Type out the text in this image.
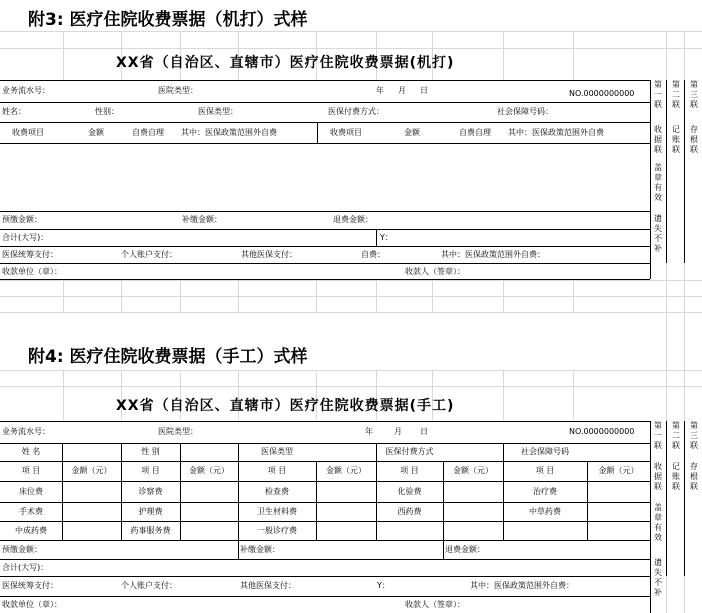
附3: 医疗住院收费票据（机打）式样
XX省（自治区、直辖市）医疗住院收费票据(机打)
业务流水号：	医院类型：	年 月 日	NO.0000000000
姓名：	性别：	医保类型：	医保付费方式：	社会保障号码：
收费项目	金额	自费自理 其中：医保政策范围外自费	收费项目	金额	自费自理 其中：医保政策范围外自费
预缴金额：	补缴金额：	退费金额：
合计(大写)：	Y：
医保统筹支付：	个人账户支付：	其他医保支付：	自费：	其中：医保政策范围外自费：
收款单位（章）：	收款人（签章）：
第一联
收据联
盖章有效
遗失不补
第二联
记账联
第三联
存根联
附4: 医疗住院收费票据（手工）式样
XX省（自治区、直辖市）医疗住院收费票据(手工)
业务流水号：	医院类型：	年	月 日	NO.0000000000
姓 名	性 别	医保类型	医保付费方式	社会保障号码
项 目	金额（元）	项 目	金额（元）	项 目	金额（元）	项 目	金额（元）	项 目	金额（元）
床位费	诊察费	检查费	化验费	治疗费
手术费	护理费	卫生材料费	西药费	中草药费
中成药费	药事服务费	一般诊疗费
预缴金额：	补缴金额：	退费金额：
合计(大写)：
医保统筹支付：	个人账户支付：	其他医保支付：	Y：	其中：医保政策范围外自费：
收款单位（章）：	收款人（签章）：
第一联
收据联
盖章有效
遗失不补
第二联
记账联
第三联
存根联
